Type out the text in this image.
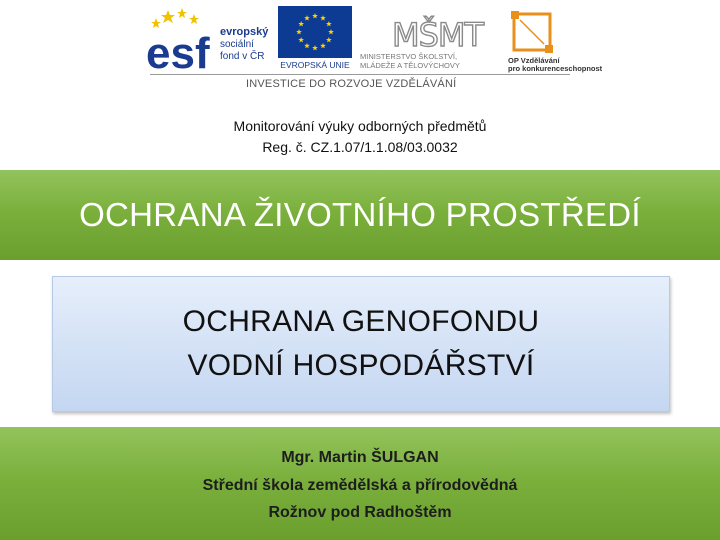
esf evropský
sociální
fond v ČR
EVROPSKÁ UNIE
MŠMT
MINISTERSTVO ŠKOLSTVÍ,
MLÁDEŽE A TĚLOVÝCHOVY
OP Vzdělávání
pro konkurenceschopnost
INVESTICE DO ROZVOJE VZDĚLÁVÁNÍ
Monitorování výuky odborných předmětů
Reg. č. CZ.1.07/1.1.08/03.0032
OCHRANA ŽIVOTNÍHO PROSTŘEDÍ
OCHRANA GENOFONDU
VODNÍ HOSPODÁŘSTVÍ
Mgr. Martin ŠULGAN
Střední škola zemědělská a přírodovědná
Rožnov pod Radhoštěm
